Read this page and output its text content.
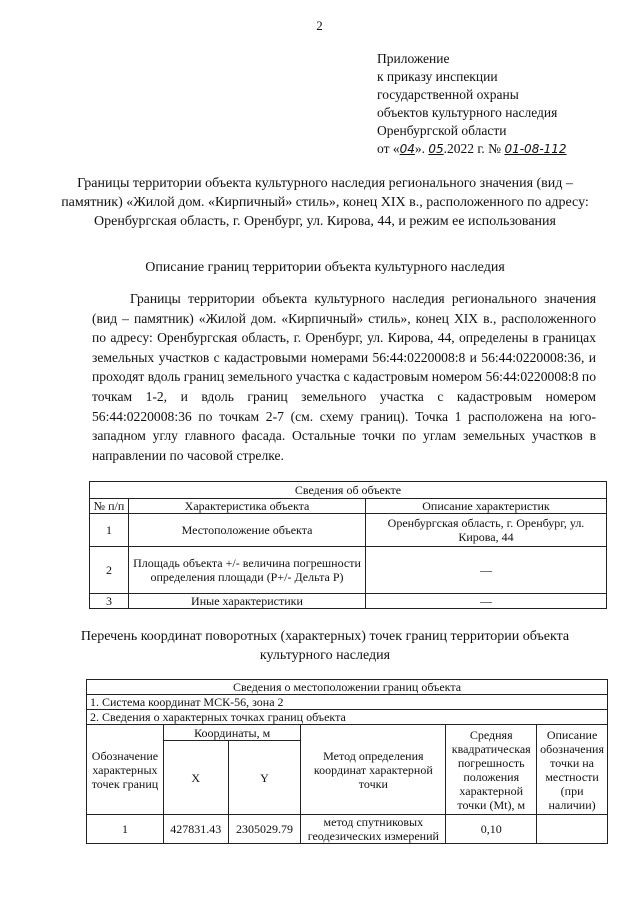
2
Приложение
к приказу инспекции
государственной охраны
объектов культурного наследия
Оренбургской области
от «04». 05.2022 г. № 01-08-112
Границы территории объекта культурного наследия регионального значения (вид – памятник) «Жилой дом. «Кирпичный» стиль», конец XIX в., расположенного по адресу: Оренбургская область, г. Оренбург, ул. Кирова, 44, и режим ее использования
Описание границ территории объекта культурного наследия
Границы территории объекта культурного наследия регионального значения (вид – памятник) «Жилой дом. «Кирпичный» стиль», конец XIX в., расположенного по адресу: Оренбургская область, г. Оренбург, ул. Кирова, 44, определены в границах земельных участков с кадастровыми номерами 56:44:0220008:8 и 56:44:0220008:36, и проходят вдоль границ земельного участка с кадастровым номером 56:44:0220008:8 по точкам 1-2, и вдоль границ земельного участка с кадастровым номером 56:44:0220008:36 по точкам 2-7 (см. схему границ). Точка 1 расположена на юго-западном углу главного фасада. Остальные точки по углам земельных участков в направлении по часовой стрелке.
Сведения об объекте		
№ п/п	Характеристика объекта	Описание характеристик
1	Местоположение объекта	Оренбургская область, г. Оренбург, ул. Кирова, 44
2	Площадь объекта +/- величина погрешности определения площади (Р+/- Дельта Р)	—
3	Иные характеристики	—
Перечень координат поворотных (характерных) точек границ территории объекта культурного наследия
Сведения о местоположении границ объекта					
1. Система координат МСК-56, зона 2					
2. Сведения о характерных точках границ объекта					
Обозначение характерных точек границ	Координаты, м		Метод определения координат характерной точки	Средняя квадратическая погрешность положения характерной точки (Mt), м	Описание обозначения точки на местности (при наличии)
	X	Y			
1	427831.43	2305029.79	метод спутниковых геодезических измерений	0,10	
